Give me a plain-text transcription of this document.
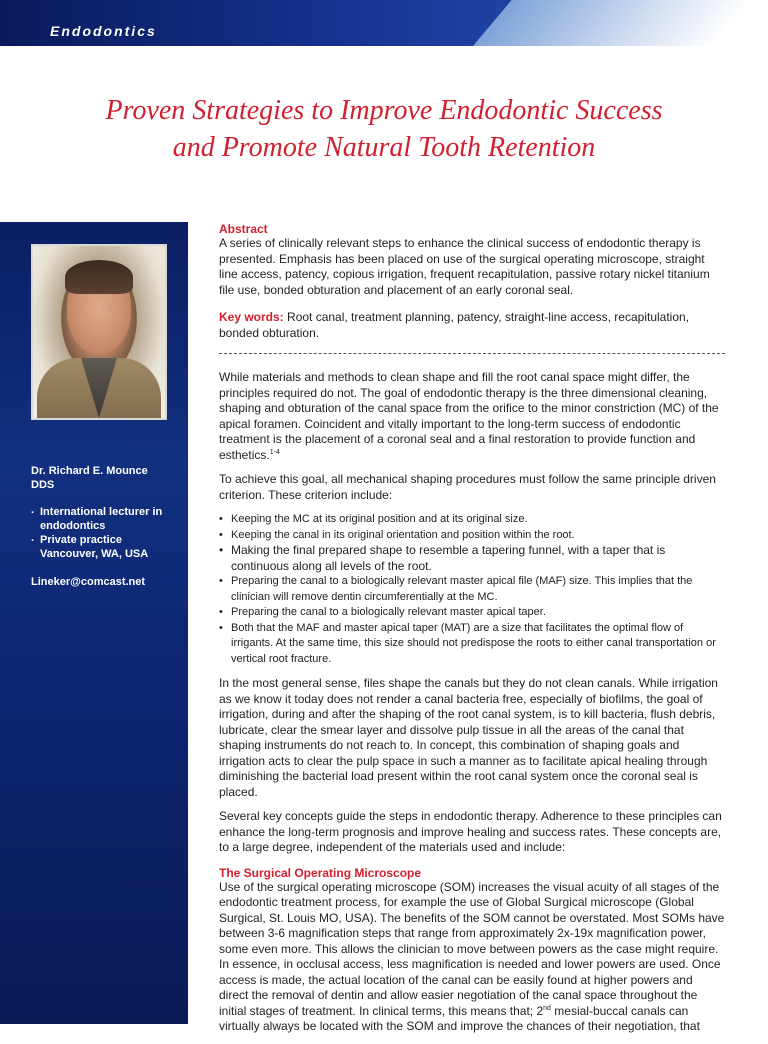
Endodontics
Proven Strategies to Improve Endodontic Success
and Promote Natural Tooth Retention
Dr. Richard E. Mounce
DDS
. International lecturer in endodontics
. Private practice Vancouver, WA, USA
Lineker@comcast.net
Abstract

A series of clinically relevant steps to enhance the clinical success of endodontic therapy is presented. Emphasis has been placed on use of the surgical operating microscope, straight line access, patency, copious irrigation, frequent recapitulation, passive rotary nickel titanium file use, bonded obturation and placement of an early coronal seal.

Key words: Root canal, treatment planning, patency, straight-line access, recapitulation, bonded obturation.

While materials and methods to clean shape and fill the root canal space might differ, the principles required do not. The goal of endodontic therapy is the three dimensional cleaning, shaping and obturation of the canal space from the orifice to the minor constriction (MC) of the apical foramen. Coincident and vitally important to the long-term success of endodontic treatment is the placement of a coronal seal and a final restoration to provide function and esthetics.$^{1-4}$

To achieve this goal, all mechanical shaping procedures must follow the same principle driven criterion. These criterion include:

• Keeping the MC at its original position and at its original size.
• Keeping the canal in its original orientation and position within the root.
• Making the final prepared shape to resemble a tapering funnel, with a taper that is continuous along all levels of the root.
• Preparing the canal to a biologically relevant master apical file (MAF) size. This implies that the clinician will remove dentin circumferentially at the MC.
• Preparing the canal to a biologically relevant master apical taper.
• Both that the MAF and master apical taper (MAT) are a size that facilitates the optimal flow of irrigants. At the same time, this size should not predispose the roots to either canal transportation or vertical root fracture.

In the most general sense, files shape the canals but they do not clean canals. While irrigation as we know it today does not render a canal bacteria free, especially of biofilms, the goal of irrigation, during and after the shaping of the root canal system, is to kill bacteria, flush debris, lubricate, clear the smear layer and dissolve pulp tissue in all the areas of the canal that shaping instruments do not reach to. In concept, this combination of shaping goals and irrigation acts to clear the pulp space in such a manner as to facilitate apical healing through diminishing the bacterial load present within the root canal system once the coronal seal is placed.

Several key concepts guide the steps in endodontic therapy. Adherence to these principles can enhance the long-term prognosis and improve healing and success rates. These concepts are, to a large degree, independent of the materials used and include:

The Surgical Operating Microscope

Use of the surgical operating microscope (SOM) increases the visual acuity of all stages of the endodontic treatment process, for example the use of Global Surgical microscope (Global Surgical, St. Louis MO, USA). The benefits of the SOM cannot be overstated. Most SOMs have between 3-6 magnification steps that range from approximately 2x-19x magnification power, some even more. This allows the clinician to move between powers as the case might require. In essence, in occlusal access, less magnification is needed and lower powers are used. Once access is made, the actual location of the canal can be easily found at higher powers and direct the removal of dentin and allow easier negotiation of the canal space throughout the initial stages of treatment. In clinical terms, this means that; 2nd mesial-buccal canals can virtually always be located with the SOM and improve the chances of their negotiation, that
